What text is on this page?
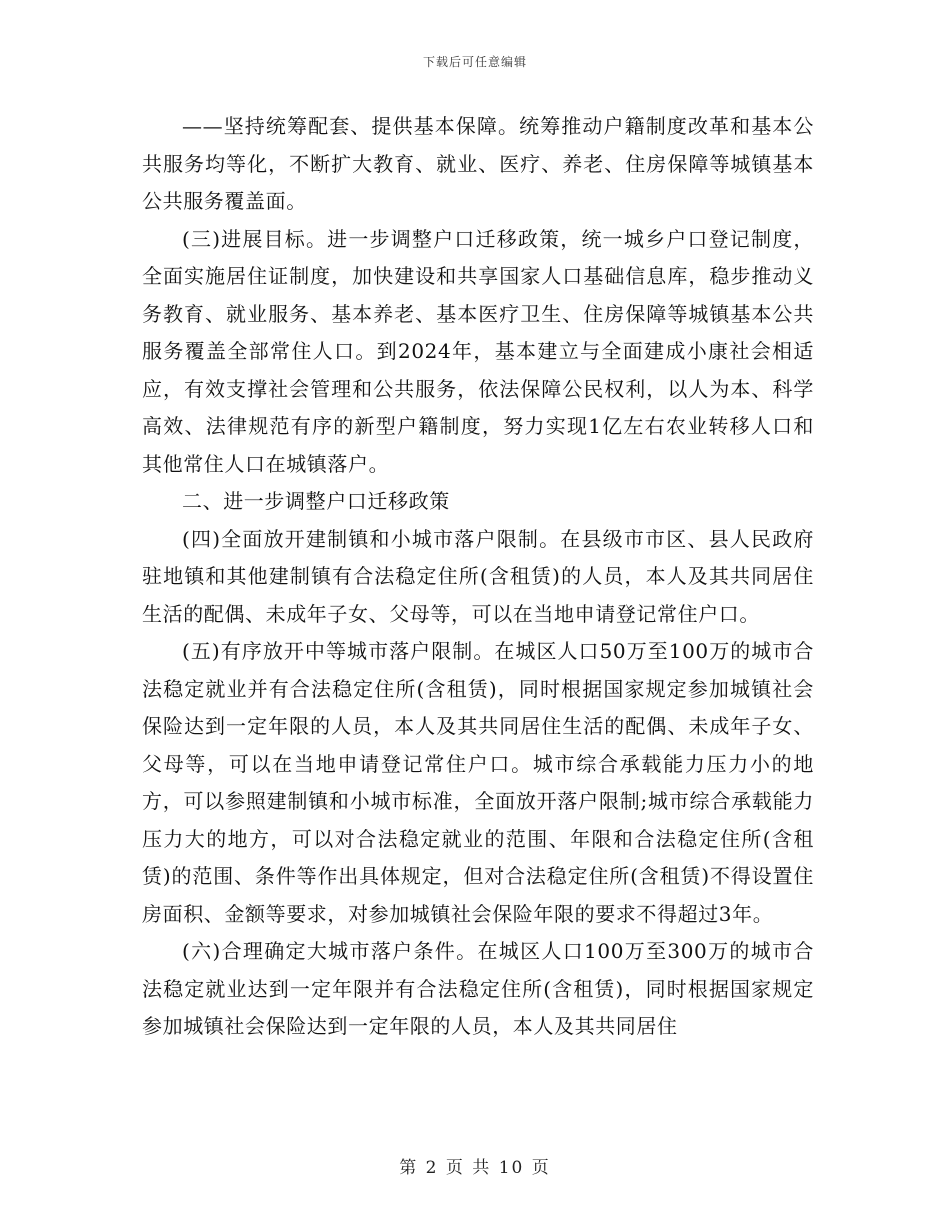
下载后可任意编辑

——坚持统筹配套、提供基本保障。统筹推动户籍制度改革和基本公共服务均等化，不断扩大教育、就业、医疗、养老、住房保障等城镇基本公共服务覆盖面。

(三)进展目标。进一步调整户口迁移政策，统一城乡户口登记制度，全面实施居住证制度，加快建设和共享国家人口基础信息库，稳步推动义务教育、就业服务、基本养老、基本医疗卫生、住房保障等城镇基本公共服务覆盖全部常住人口。到2024年，基本建立与全面建成小康社会相适应，有效支撑社会管理和公共服务，依法保障公民权利，以人为本、科学高效、法律规范有序的新型户籍制度，努力实现1亿左右农业转移人口和其他常住人口在城镇落户。

二、进一步调整户口迁移政策

(四)全面放开建制镇和小城市落户限制。在县级市市区、县人民政府驻地镇和其他建制镇有合法稳定住所(含租赁)的人员，本人及其共同居住生活的配偶、未成年子女、父母等，可以在当地申请登记常住户口。

(五)有序放开中等城市落户限制。在城区人口50万至100万的城市合法稳定就业并有合法稳定住所(含租赁)，同时根据国家规定参加城镇社会保险达到一定年限的人员，本人及其共同居住生活的配偶、未成年子女、父母等，可以在当地申请登记常住户口。城市综合承载能力压力小的地方，可以参照建制镇和小城市标准，全面放开落户限制;城市综合承载能力压力大的地方，可以对合法稳定就业的范围、年限和合法稳定住所(含租赁)的范围、条件等作出具体规定，但对合法稳定住所(含租赁)不得设置住房面积、金额等要求，对参加城镇社会保险年限的要求不得超过3年。

(六)合理确定大城市落户条件。在城区人口100万至300万的城市合法稳定就业达到一定年限并有合法稳定住所(含租赁)，同时根据国家规定参加城镇社会保险达到一定年限的人员，本人及其共同居住

第 2 页 共 10 页
